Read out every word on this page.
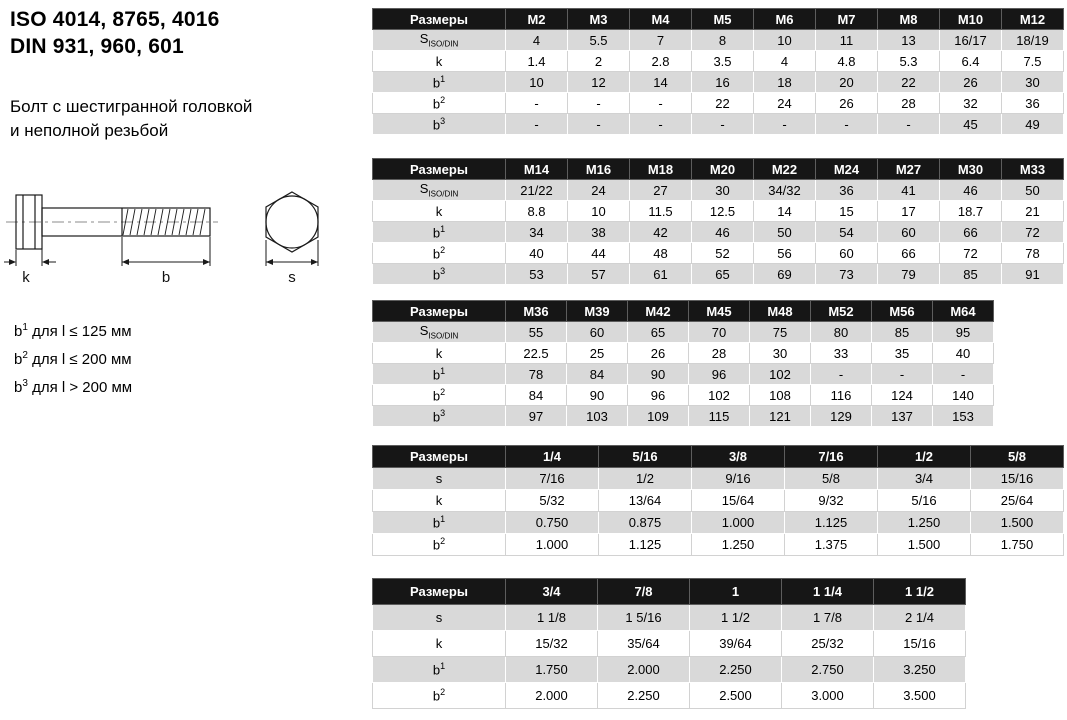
ISO 4014, 8765, 4016
DIN 931, 960, 601
Болт с шестигранной головкой
и неполной резьбой
k	b	s
$b^1$ для l ≤ 125 мм
$b^2$ для l ≤ 200 мм
$b^3$ для l > 200 мм
Размеры	M2	M3	M4	M5	M6	M7	M8	M10	M12
$S_{ISO/DIN}$	4	5.5	7	8	10	11	13	16/17	18/19
k	1.4	2	2.8	3.5	4	4.8	5.3	6.4	7.5
$b^1$	10	12	14	16	18	20	22	26	30
$b^2$	-	-	-	22	24	26	28	32	36
$b^3$	-	-	-	-	-	-	-	45	49
Размеры	M14	M16	M18	M20	M22	M24	M27	M30	M33
$S_{ISO/DIN}$	21/22	24	27	30	34/32	36	41	46	50
k	8.8	10	11.5	12.5	14	15	17	18.7	21
$b^1$	34	38	42	46	50	54	60	66	72
$b^2$	40	44	48	52	56	60	66	72	78
$b^3$	53	57	61	65	69	73	79	85	91
Размеры	M36	M39	M42	M45	M48	M52	M56	M64
$S_{ISO/DIN}$	55	60	65	70	75	80	85	95
k	22.5	25	26	28	30	33	35	40
$b^1$	78	84	90	96	102	-	-	-
$b^2$	84	90	96	102	108	116	124	140
$b^3$	97	103	109	115	121	129	137	153
Размеры	1/4	5/16	3/8	7/16	1/2	5/8
s	7/16	1/2	9/16	5/8	3/4	15/16
k	5/32	13/64	15/64	9/32	5/16	25/64
$b^1$	0.750	0.875	1.000	1.125	1.250	1.500
$b^2$	1.000	1.125	1.250	1.375	1.500	1.750
Размеры	3/4	7/8	1	1 1/4	1 1/2
s	1 1/8	1 5/16	1 1/2	1 7/8	2 1/4
k	15/32	35/64	39/64	25/32	15/16
$b^1$	1.750	2.000	2.250	2.750	3.250
$b^2$	2.000	2.250	2.500	3.000	3.500
